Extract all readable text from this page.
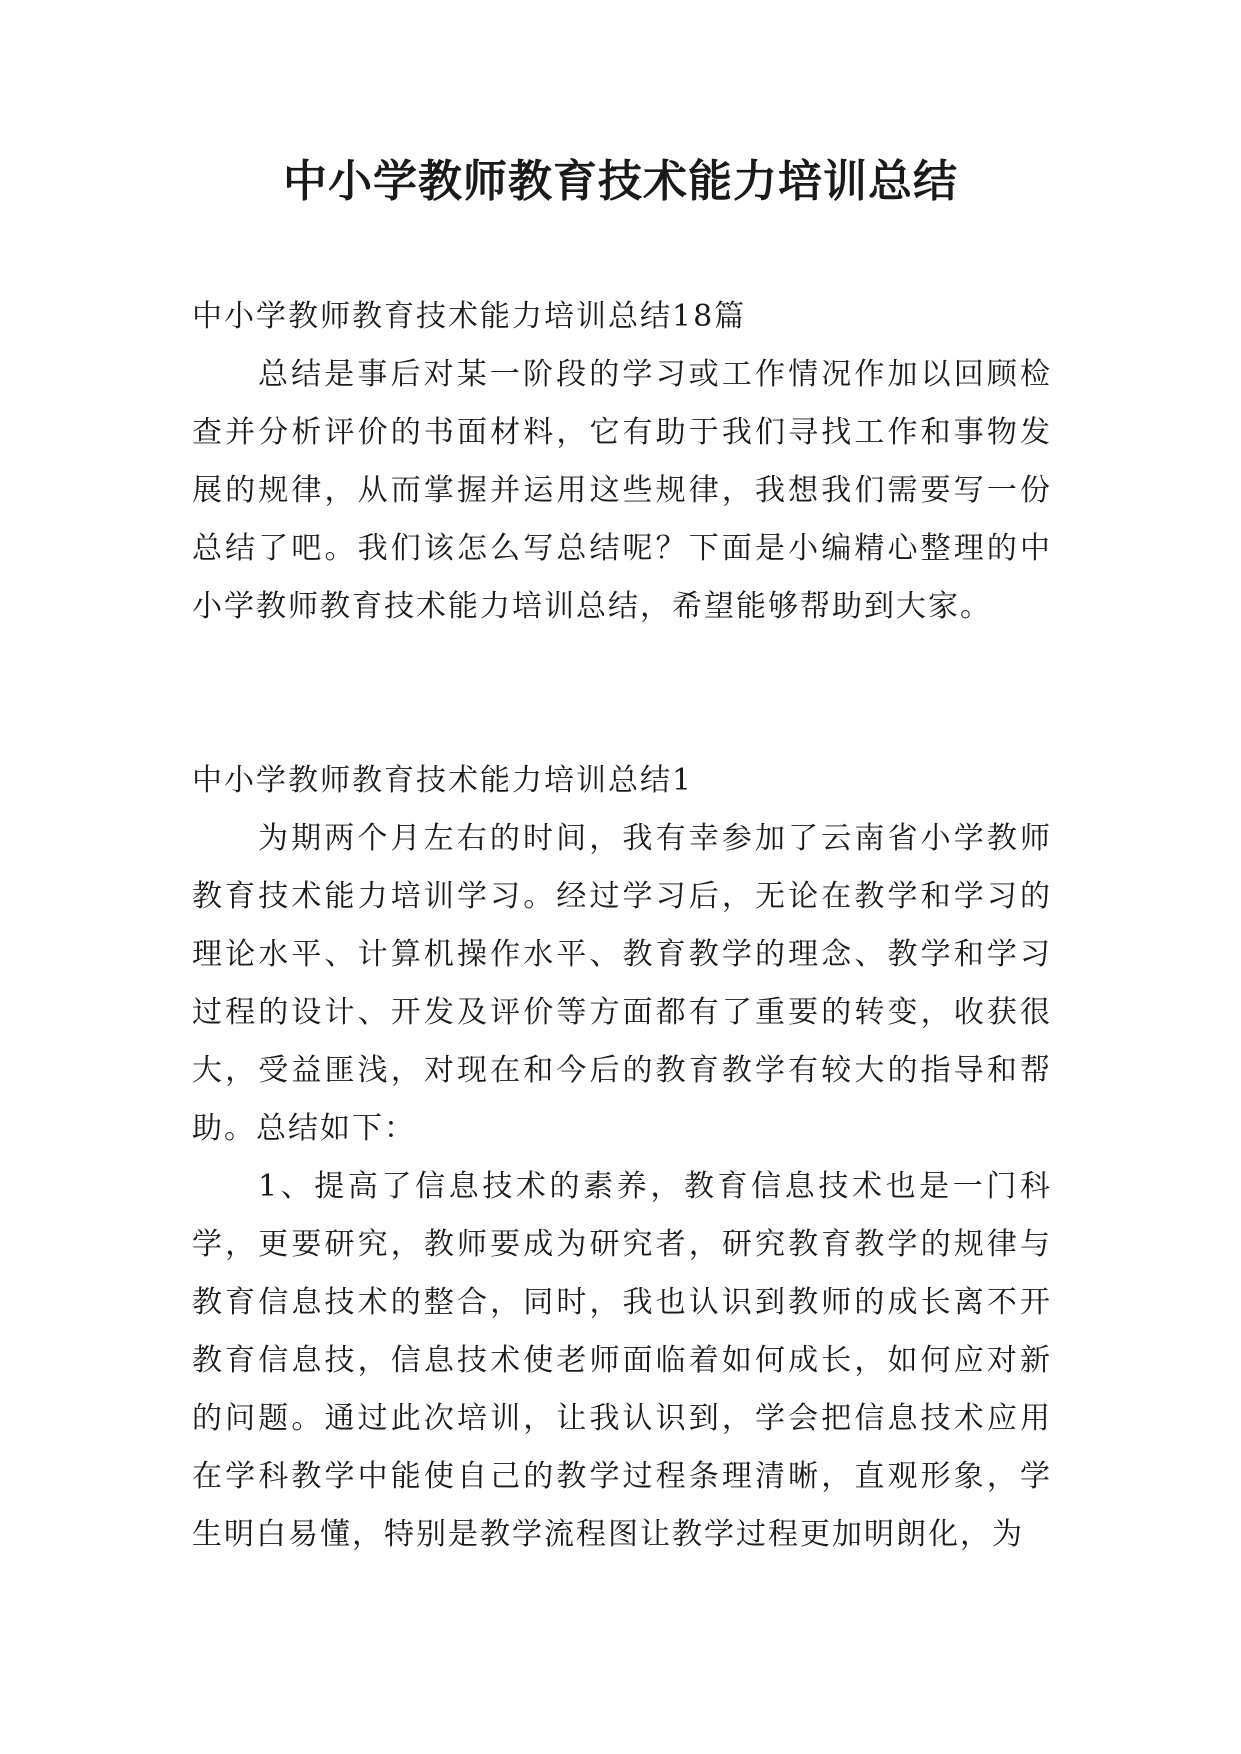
中小学教师教育技术能力培训总结

中小学教师教育技术能力培训总结18篇

总结是事后对某一阶段的学习或工作情况作加以回顾检查并分析评价的书面材料，它有助于我们寻找工作和事物发展的规律，从而掌握并运用这些规律，我想我们需要写一份总结了吧。我们该怎么写总结呢？下面是小编精心整理的中小学教师教育技术能力培训总结，希望能够帮助到大家。

中小学教师教育技术能力培训总结1

为期两个月左右的时间，我有幸参加了云南省小学教师教育技术能力培训学习。经过学习后，无论在教学和学习的理论水平、计算机操作水平、教育教学的理念、教学和学习过程的设计、开发及评价等方面都有了重要的转变，收获很大，受益匪浅，对现在和今后的教育教学有较大的指导和帮助。总结如下：

1、提高了信息技术的素养，教育信息技术也是一门科学，更要研究，教师要成为研究者，研究教育教学的规律与教育信息技术的整合，同时，我也认识到教师的成长离不开教育信息技，信息技术使老师面临着如何成长，如何应对新的问题。通过此次培训，让我认识到，学会把信息技术应用在学科教学中能使自己的教学过程条理清晰，直观形象，学生明白易懂，特别是教学流程图让教学过程更加明朗化，为
